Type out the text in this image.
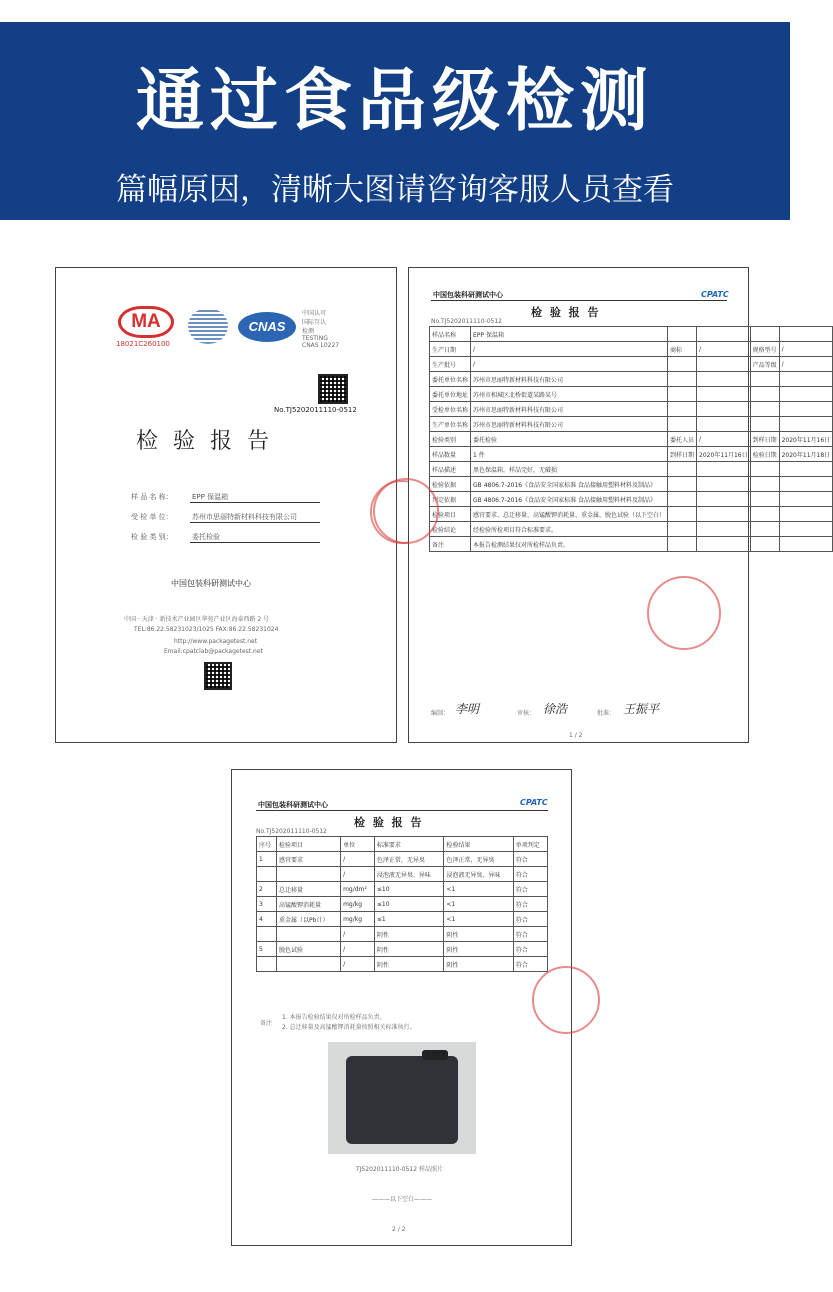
通过食品级检测
篇幅原因，清晰大图请咨询客服人员查看
MA
18021C260100
CNAS
中国认可
国际互认
检测
TESTING
CNAS L0227
No.TJ5202011110-0512
检 验 报 告
样 品 名 称：	EPP 保温箱
受 检 单 位：	苏州市思丽特新材料科技有限公司
检 验 类 别：	委托检验
中国包装科研测试中心
中国 · 天津 · 新技术产业园区华苑产业区海泰西路 2 号
TEL:86.22.58231023/1025 FAX:86.22.58231024
http://www.packagetest.net
Email:cpatclab@packagetest.net
中国包装科研测试中心	CPATC
检 验 报 告
No.TJ5202011110-0512
样品名称	EPP 保温箱				
生产日期	/	商标	/	规格型号	/
生产批号	/			产品等级	/
委托单位名称	苏州市思丽特新材料科技有限公司				
委托单位地址	苏州市相城区北桥街道某路某号				
受检单位名称	苏州市思丽特新材料科技有限公司				
生产单位名称	苏州市思丽特新材料科技有限公司				
检验类别	委托检验	委托人员	/	到样日期	2020年11月16日
样品数量	1 件	到样日期	2020年11月16日	检验日期	2020年11月18日
样品描述	黑色保温箱，样品完好，无破损				
检验依据	GB 4806.7-2016《食品安全国家标准 食品接触用塑料材料及制品》				
判定依据	GB 4806.7-2016《食品安全国家标准 食品接触用塑料材料及制品》				
检验项目	感官要求、总迁移量、高锰酸钾消耗量、重金属、脱色试验（以下空白）				
检验结论	经检验所检项目符合标准要求。				
备注	本报告检测结果仅对所检样品负责。				
编制： 李明	审核： 徐浩	批准： 王振平
1 / 2
中国包装科研测试中心	CPATC
检 验 报 告
No.TJ5202011110-0512
序号	检验项目	单位	标准要求	检验结果	单项判定
1	感官要求	/	色泽正常，无异臭	色泽正常，无异臭	符合
		/	浸泡液无异臭、异味	浸泡液无异臭、异味	符合
2	总迁移量	mg/dm²	≤10	<1	符合
3	高锰酸钾消耗量	mg/kg	≤10	<1	符合
4	重金属（以Pb计）	mg/kg	≤1	<1	符合
		/	阴性	阴性	符合
5	脱色试验	/	阴性	阴性	符合
		/	阴性	阴性	符合
备注
1. 本报告检验结果仅对所检样品负责。
2. 总迁移量及高锰酸钾消耗量按照相关标准执行。
TJ5202011110-0512 样品照片
———以下空白———
2 / 2
